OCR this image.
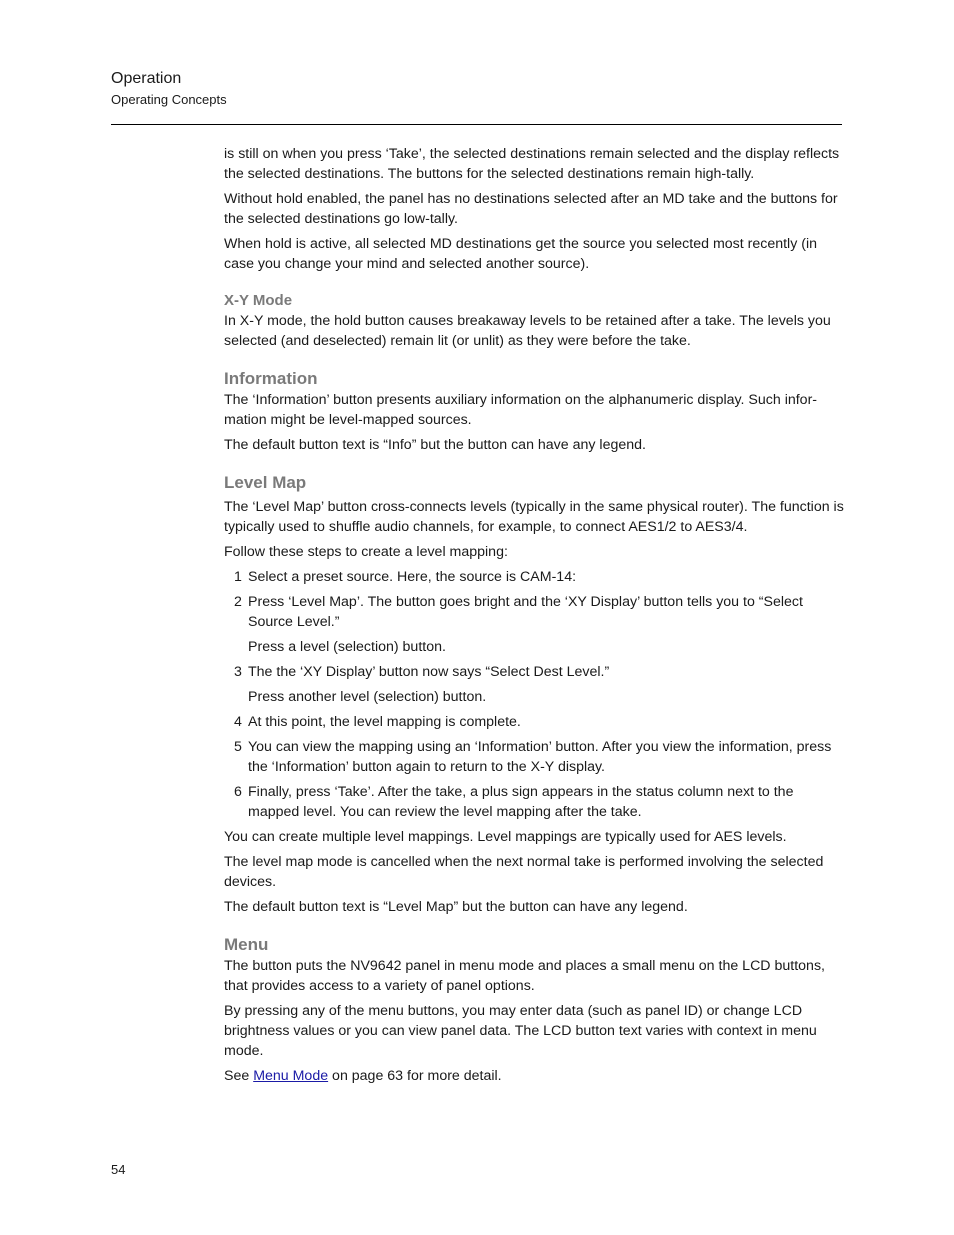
Operation
Operating Concepts

is still on when you press ‘Take’, the selected destinations remain selected and the display reflects the selected destinations. The buttons for the selected destinations remain high-tally.

Without hold enabled, the panel has no destinations selected after an MD take and the buttons for the selected destinations go low-tally.

When hold is active, all selected MD destinations get the source you selected most recently (in case you change your mind and selected another source).

X-Y Mode

In X-Y mode, the hold button causes breakaway levels to be retained after a take. The levels you selected (and deselected) remain lit (or unlit) as they were before the take.

Information

The ‘Information’ button presents auxiliary information on the alphanumeric display. Such infor-mation might be level-mapped sources.

The default button text is “Info” but the button can have any legend.

Level Map

The ‘Level Map’ button cross-connects levels (typically in the same physical router). The function is typically used to shuffle audio channels, for example, to connect AES1/2 to AES3/4.

Follow these steps to create a level mapping:

1 Select a preset source. Here, the source is CAM-14:
2 Press ‘Level Map’. The button goes bright and the ‘XY Display’ button tells you to “Select Source Level.”

Press a level (selection) button.

3 The the ‘XY Display’ button now says “Select Dest Level.”

Press another level (selection) button.

4 At this point, the level mapping is complete.
5 You can view the mapping using an ‘Information’ button. After you view the information, press the ‘Information’ button again to return to the X-Y display.
6 Finally, press ‘Take’. After the take, a plus sign appears in the status column next to the mapped level. You can review the level mapping after the take.

You can create multiple level mappings. Level mappings are typically used for AES levels.

The level map mode is cancelled when the next normal take is performed involving the selected devices.

The default button text is “Level Map” but the button can have any legend.

Menu

The button puts the NV9642 panel in menu mode and places a small menu on the LCD buttons, that provides access to a variety of panel options.

By pressing any of the menu buttons, you may enter data (such as panel ID) or change LCD brightness values or you can view panel data. The LCD button text varies with context in menu mode.

See Menu Mode on page 63 for more detail.

54
